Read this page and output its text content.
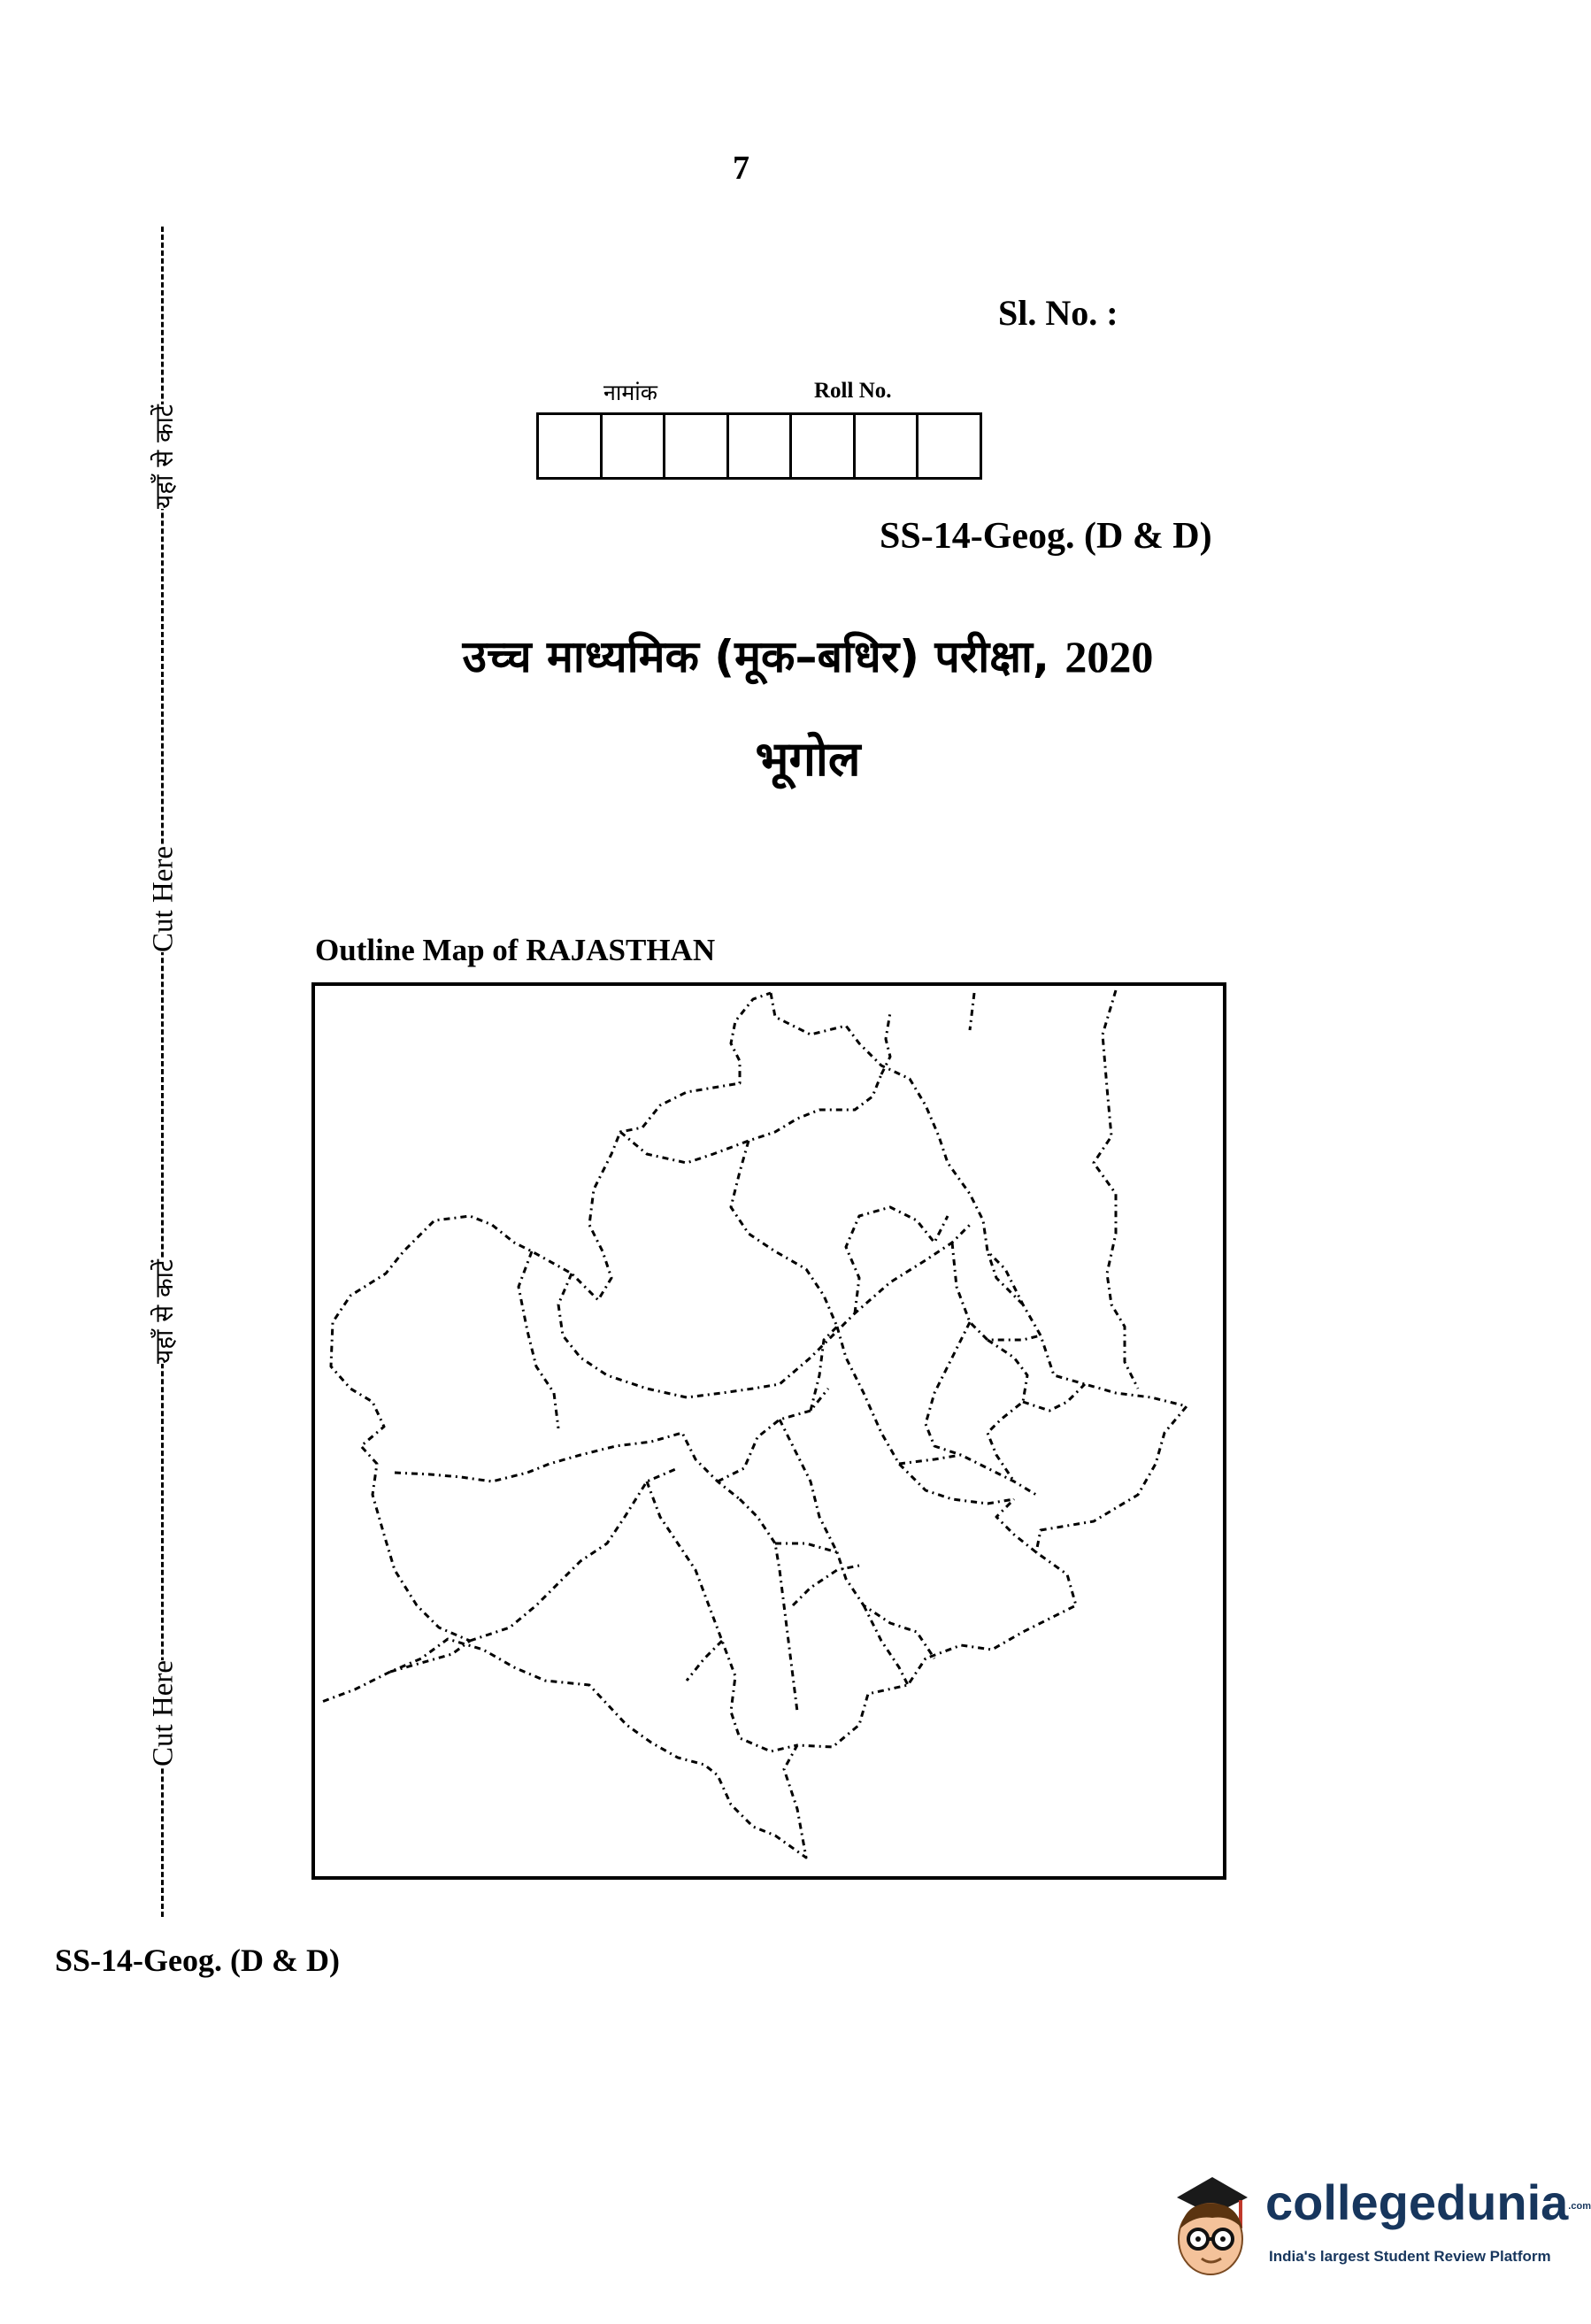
7
Sl. No. :
नामांक	Roll No.
SS-14-Geog. (D & D)
उच्च माध्यमिक (मूक–बधिर) परीक्षा, 2020
भूगोल
Outline Map of RAJASTHAN
यहाँ से काटें
Cut Here
यहाँ से काटें
Cut Here
SS-14-Geog. (D & D)
collegedunia.com
India's largest Student Review Platform
